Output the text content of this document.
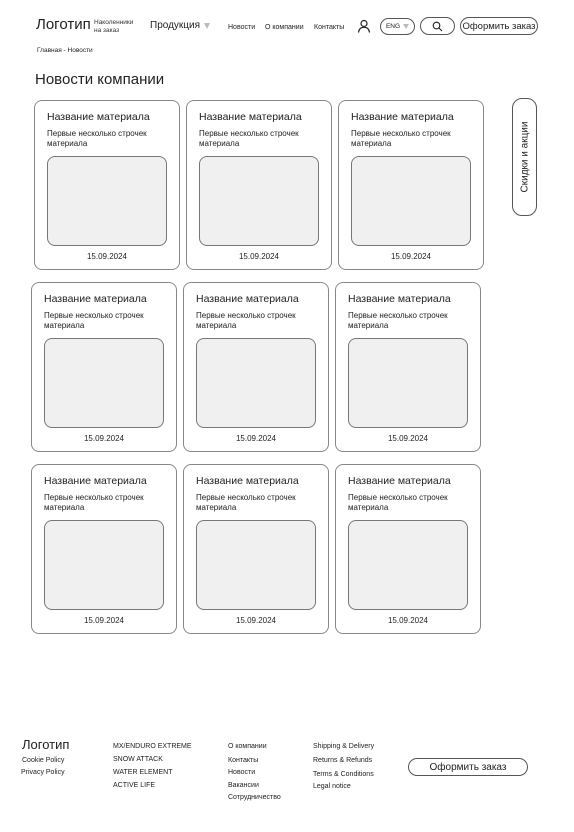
Логотип Наколенники на заказ	Продукция	Новости О компании Контакты	ENG	Оформить заказ
Главная - Новости
Новости компании
Название материала
Первые несколько строчек материала
15.09.2024
Название материала
Первые несколько строчек материала
15.09.2024
Название материала
Первые несколько строчек материала
15.09.2024
Название материала
Первые несколько строчек материала
15.09.2024
Название материала
Первые несколько строчек материала
15.09.2024
Название материала
Первые несколько строчек материала
15.09.2024
Название материала
Первые несколько строчек материала
15.09.2024
Название материала
Первые несколько строчек материала
15.09.2024
Название материала
Первые несколько строчек материала
15.09.2024
Скидки и акции
Логотип
Cookie Policy
Privacy Policy
MX/ENDURO EXTREME
SNOW ATTACK
WATER ELEMENT
ACTIVE LIFE
О компании
Контакты
Новости
Вакансии
Сотрудничество
Shipping & Delivery
Returns & Refunds
Terms & Conditions
Legal notice
Оформить заказ
